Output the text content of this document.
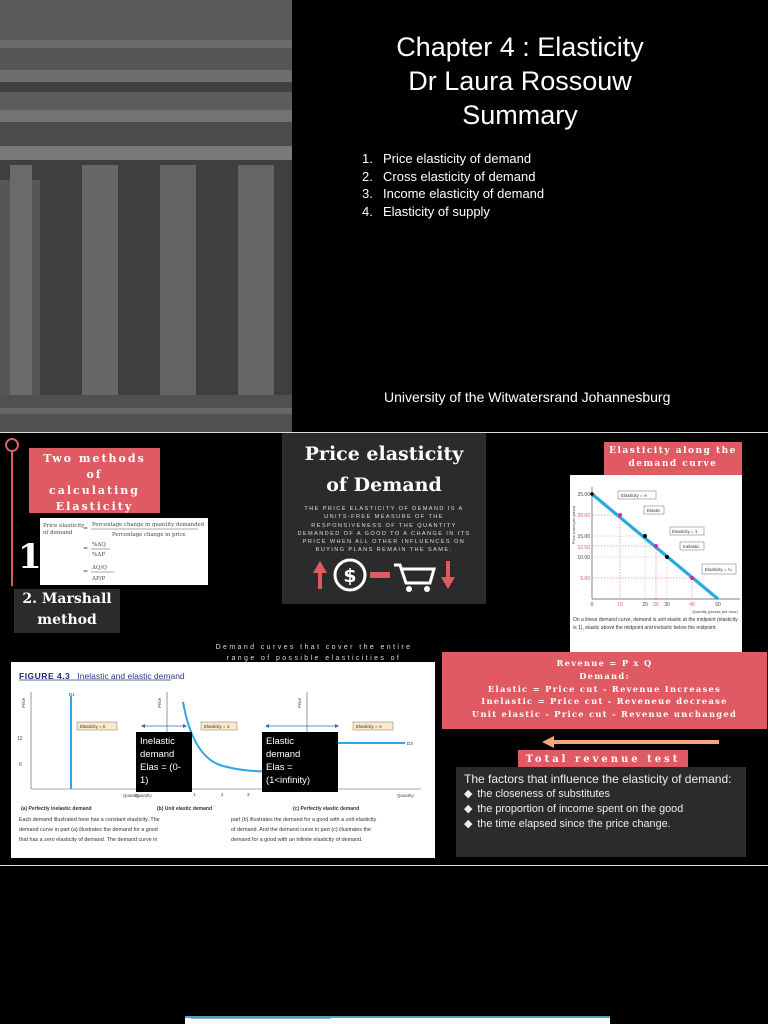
Chapter 4 : Elasticity
Dr Laura Rossouw
Summary
1. Price elasticity of demand
2. Cross elasticity of demand
3. Income elasticity of demand
4. Elasticity of supply
University of the Witwatersrand Johannesburg
Two methods
of
calculating
Elasticity
Price elasticity
of demand
= Percentage change in quantity demanded
Percentage change in price
= %ΔQ
%ΔP
= ΔQ/Q
ΔP/P
1.
2. Marshall
method
Price elasticity
of Demand
THE PRICE ELASTICITY OF DEMAND IS A UNITS-FREE MEASURE OF THE RESPONSIVENESS OF THE QUANTITY DEMANDED OF A GOOD TO A CHANGE IN ITS PRICE WHEN ALL OTHER INFLUENCES ON BUYING PLANS REMAIN THE SAME.
$
Elasticity along the
demand curve
Price (rand per pizza)
25.00
20.00
15.00
12.50
10.00
5.00
0	10	20 25 30	40	50
Quantity (pizzas per hour)
Elasticity = ∞
Elastic
Elasticity = 1
Inelastic
Elasticity = ¼
On a linear demand curve, demand is unit elastic at the midpoint (elasticity is 1), elastic above the midpoint and inelastic below the midpoint.
Demand curves that cover the entire range of possible elasticities of
FIGURE 4.3 Inelastic and elastic demand
Price
D1
12
6
Elasticity = 0
Quantity
(a) Perfectly inelastic demand
Price
Elasticity = 1
1	2	3
Quantity
(b) Unit elastic demand
Price
D3
Elasticity = ∞
Quantity
(c) Perfectly elastic demand
Each demand illustrated here has a constant elasticity. The
demand curve in part (a) illustrates the demand for a good
that has a zero elasticity of demand. The demand curve in
part (b) illustrates the demand for a good with a unit elasticity
of demand. And the demand curve in part (c) illustrates the
demand for a good with an infinite elasticity of demand.
Inelastic
demand
Elas = (0-
1)
Elastic
demand
Elas =
(1<infinity)
Revenue = P x Q
Demand:
Elastic = Price cut - Revenue Increases
Inelastic = Price cut - Reveneue decrease
Unit elastic - Price cut - Revenue unchanged
Total revenue test
The factors that influence the elasticity of demand:
◆ the closeness of substitutes
◆ the proportion of income spent on the good
◆ the time elapsed since the price change.
